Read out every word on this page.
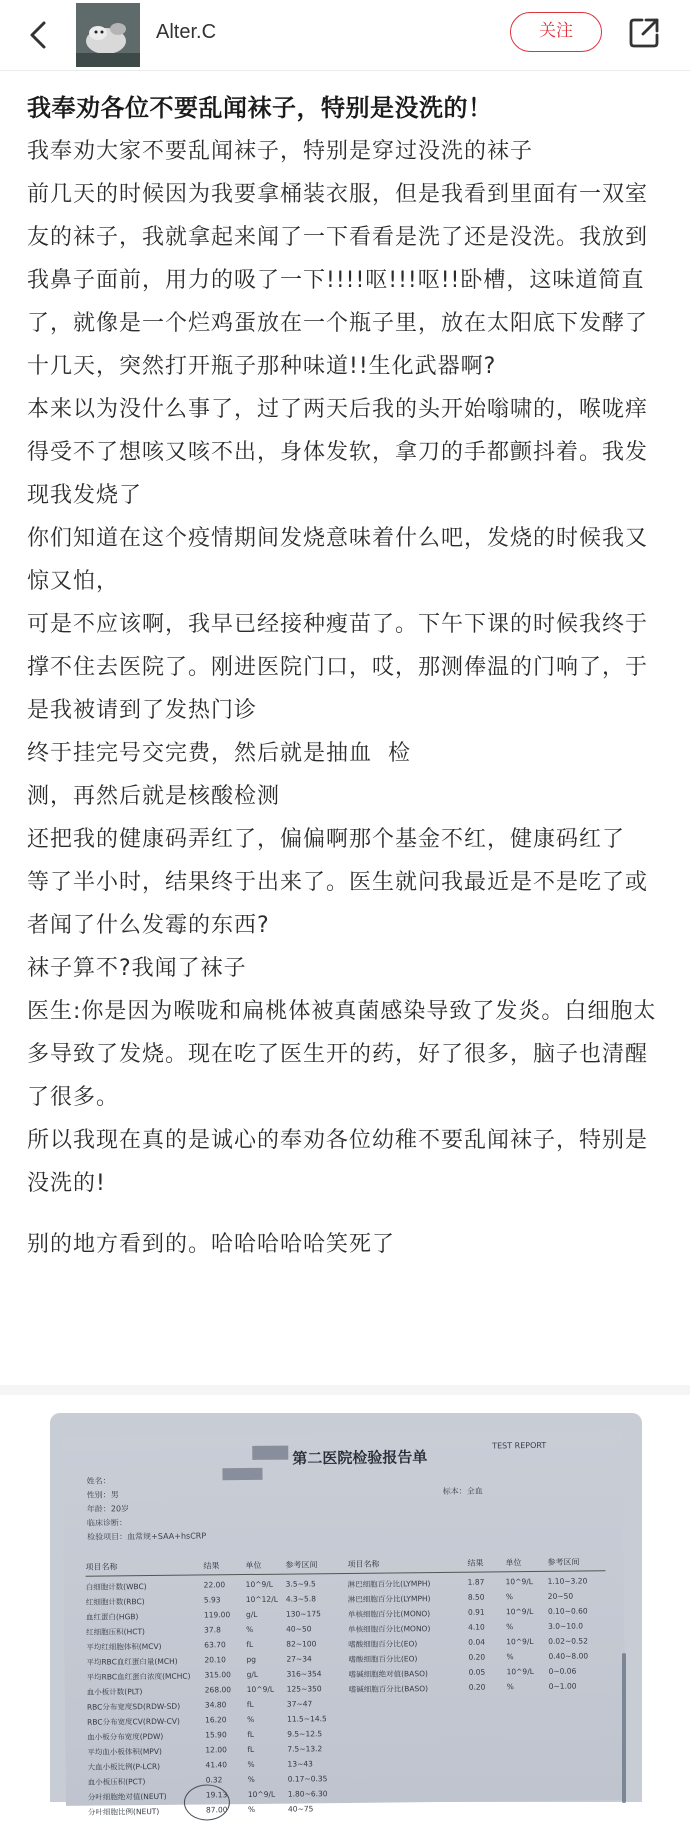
Alter.C	关注
我奉劝各位不要乱闻袜子，特别是没洗的！

我奉劝大家不要乱闻袜子，特别是穿过没洗的袜子

前几天的时候因为我要拿桶装衣服，但是我看到里面有一双室友的袜子，我就拿起来闻了一下看看是洗了还是没洗。我放到我鼻子面前，用力的吸了一下!!!!呕!!!呕!!卧槽，这味道简直了，就像是一个烂鸡蛋放在一个瓶子里，放在太阳底下发酵了十几天，突然打开瓶子那种味道!!生化武器啊?

本来以为没什么事了，过了两天后我的头开始嗡啸的，喉咙痒得受不了想咳又咳不出，身体发软，拿刀的手都颤抖着。我发现我发烧了

你们知道在这个疫情期间发烧意味着什么吧，发烧的时候我又惊又怕，

可是不应该啊，我早已经接种瘦苗了。下午下课的时候我终于撑不住去医院了。刚进医院门口，哎，那测俸温的门响了，于是我被请到了发热门诊

终于挂完号交完费，然后就是抽血  检

测，再然后就是核酸检测

还把我的健康码弄红了，偏偏啊那个基金不红，健康码红了

等了半小时，结果终于出来了。医生就问我最近是不是吃了或者闻了什么发霉的东西?

袜子算不?我闻了袜子

医生:你是因为喉咙和扁桃体被真菌感染导致了发炎。白细胞太多导致了发烧。现在吃了医生开的药，好了很多，脑子也清醒了很多。

所以我现在真的是诚心的奉劝各位幼稚不要乱闻袜子，特别是没洗的!

别的地方看到的。哈哈哈哈哈笑死了

第二医院检验报告单
TEST REPORT
姓名：
性别：男
年龄：20岁
标本：全血
临床诊断：
检验项目：血常规+SAA+hsCRP
项目名称	结果	单位	参考区间	项目名称	结果	单位	参考区间
白细胞计数(WBC)	22.00	10^9/L 3.5~9.5	淋巴细胞百分比(LYMPH)	1.87	10^9/L 1.10~3.20
红细胞计数(RBC)	5.93	10^12/L 4.3~5.8	淋巴细胞百分比(LYMPH)	8.50	%	20~50
血红蛋白(HGB)	119.00 g/L	130~175	单核细胞百分比(MONO)	0.91	10^9/L 0.10~0.60
红细胞压积(HCT)	37.8	%	40~50	单核细胞百分比(MONO)	4.10	%	3.0~10.0
平均红细胞体积(MCV)	63.70	fL	82~100	嗜酸细胞百分比(EO)	0.04	10^9/L 0.02~0.52
平均RBC血红蛋白量(MCH)	20.10	pg	27~34	嗜酸细胞百分比(EO)	0.20	%	0.40~8.00
平均RBC血红蛋白浓度(MCHC) 315.00 g/L	316~354	嗜碱细胞绝对值(BASO)	0.05	10^9/L 0~0.06
血小板计数(PLT)	268.00 10^9/L 125~350	嗜碱细胞百分比(BASO)	0.20	%	0~1.00
RBC分布宽度SD(RDW-SD)	34.80	fL	37~47
RBC分布宽度CV(RDW-CV)	16.20	%	11.5~14.5
血小板分布宽度(PDW)	15.90	fL	9.5~12.5
平均血小板体积(MPV)	12.00	fL	7.5~13.2
大血小板比例(P-LCR)	41.40	%	13~43
血小板压积(PCT)	0.32	%	0.17~0.35
分叶细胞绝对值(NEUT)	19.13	10^9/L 1.80~6.30
分叶细胞比例(NEUT)	87.00	%	40~75
